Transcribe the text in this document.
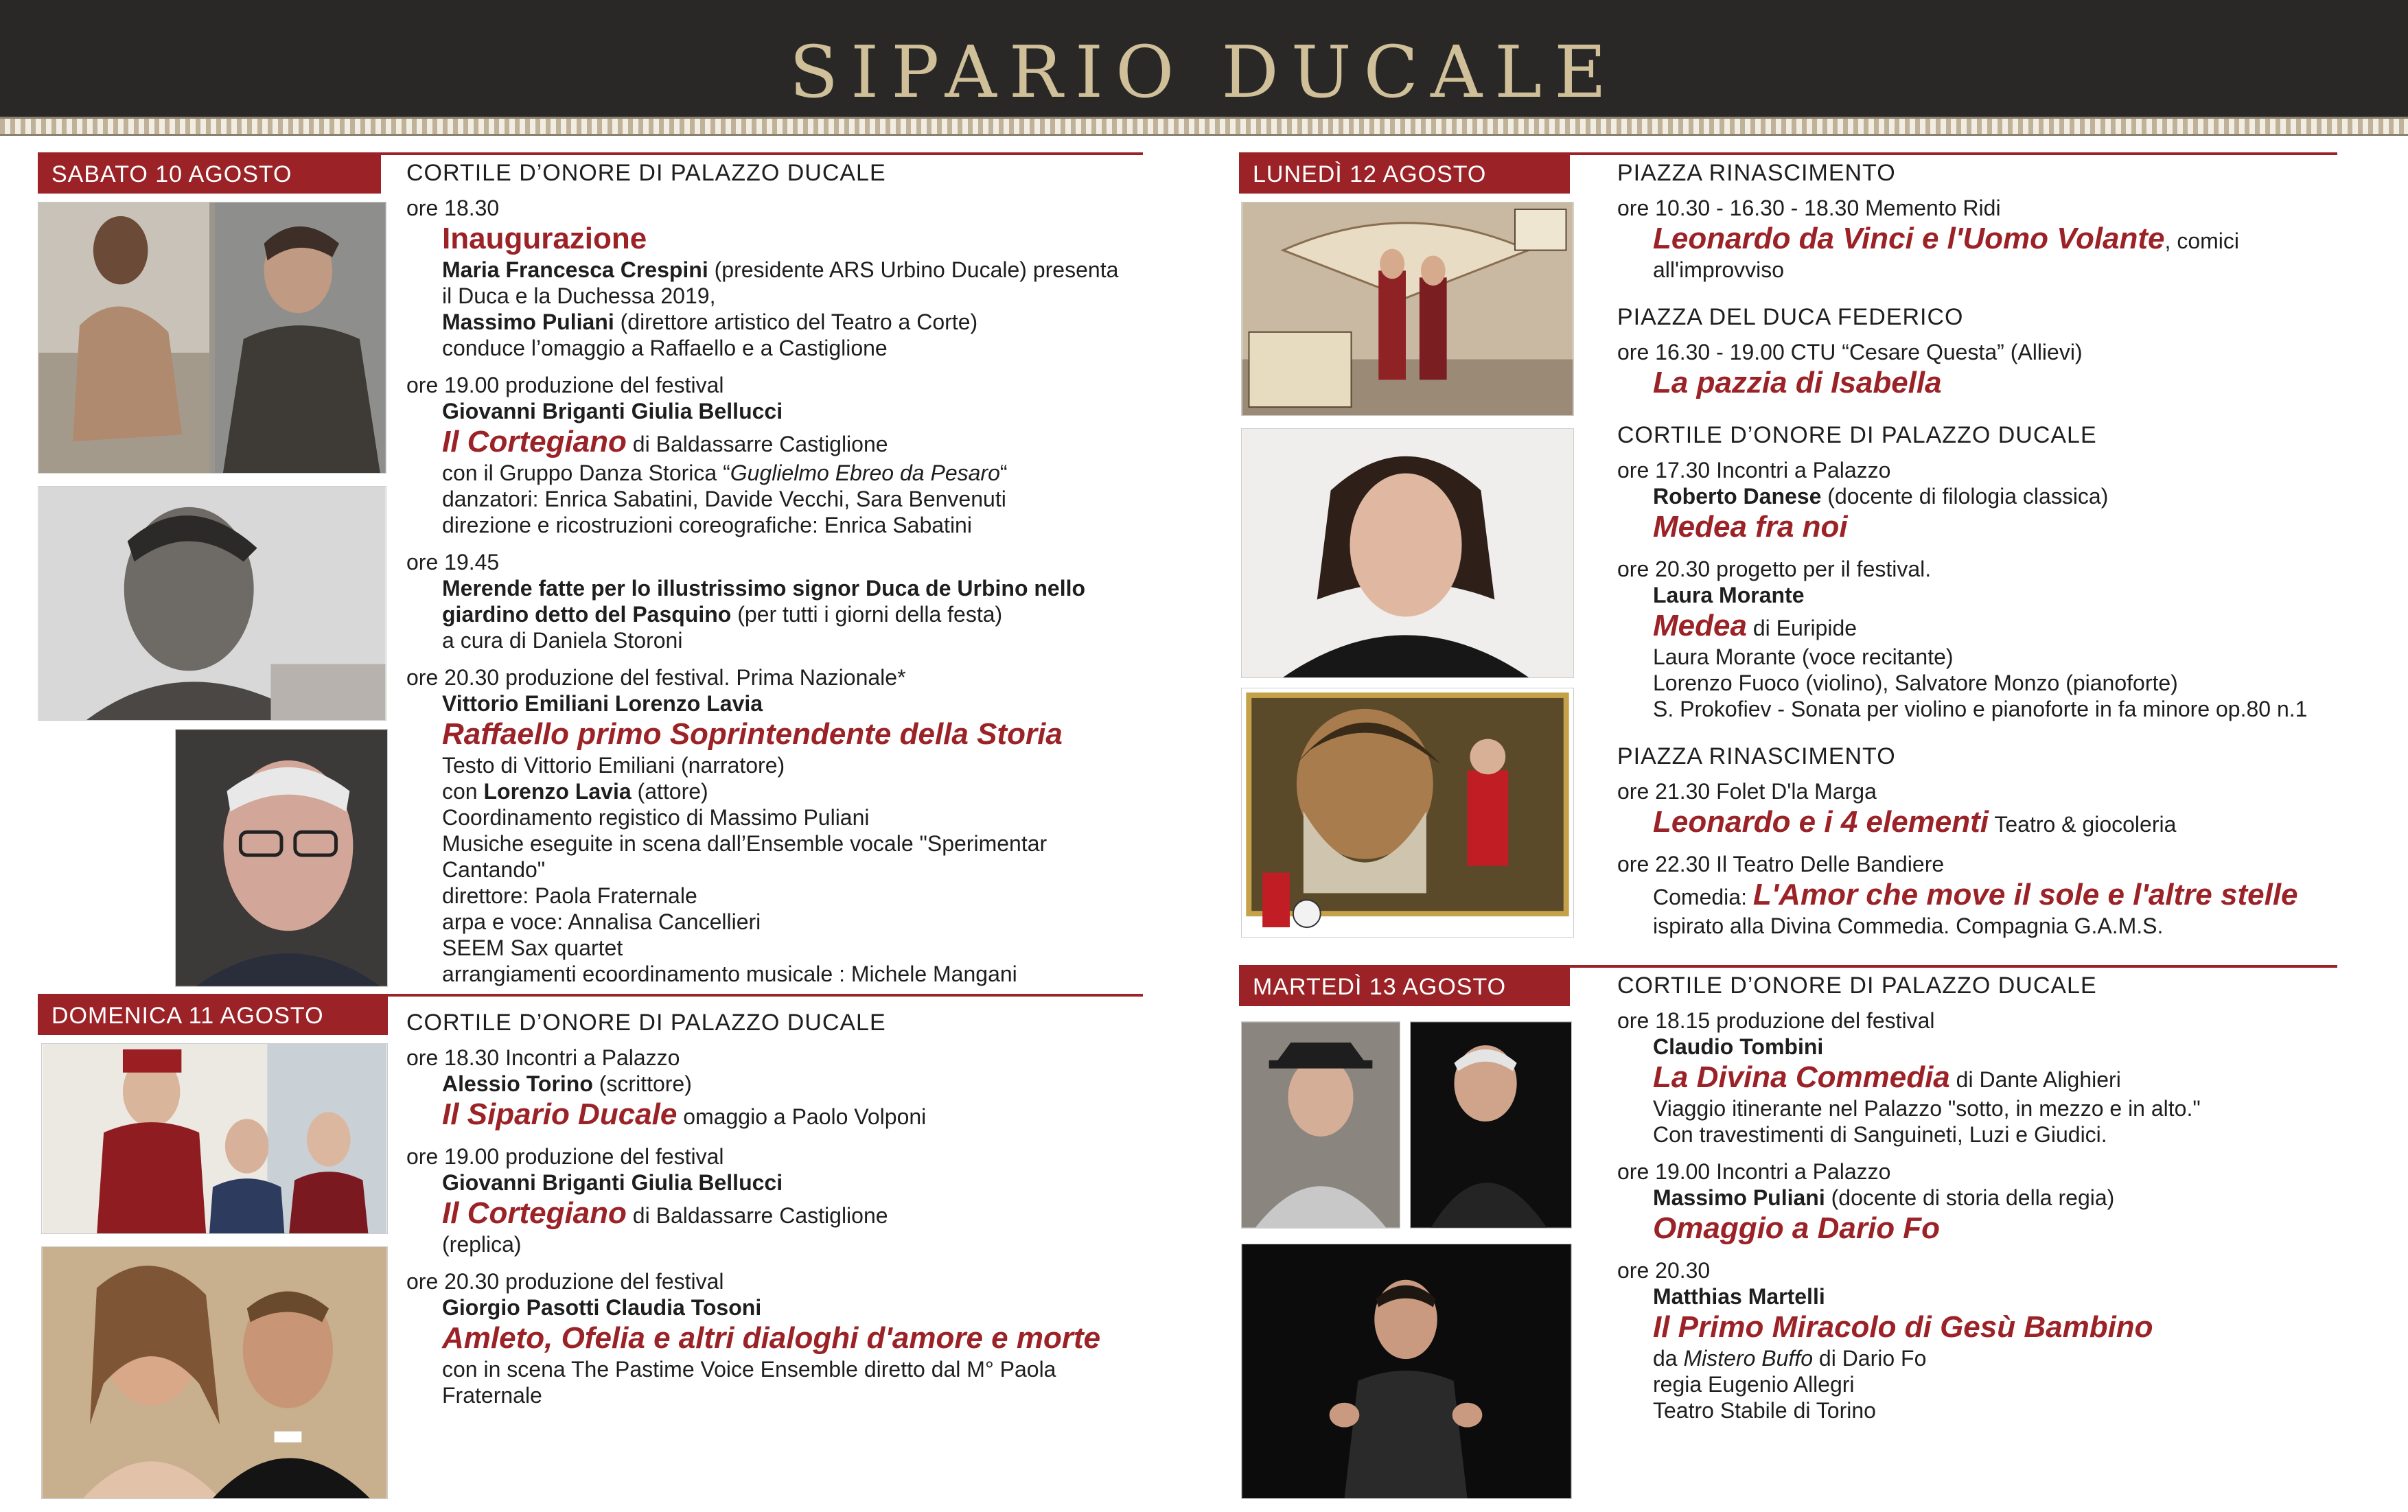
SIPARIO DUCALE
SABATO 10 AGOSTO	CORTILE D’ONORE DI PALAZZO DUCALE
ore 18.30
Inaugurazione
Maria Francesca Crespini (presidente ARS Urbino Ducale) presenta
il Duca e la Duchessa 2019,
Massimo Puliani (direttore artistico del Teatro a Corte)
conduce l’omaggio a Raffaello e a Castiglione
ore 19.00 produzione del festival
Giovanni Briganti Giulia Bellucci
Il Cortegiano di Baldassarre Castiglione
con il Gruppo Danza Storica “Guglielmo Ebreo da Pesaro“
danzatori: Enrica Sabatini, Davide Vecchi, Sara Benvenuti
direzione e ricostruzioni coreografiche: Enrica Sabatini
ore 19.45
Merende fatte per lo illustrissimo signor Duca de Urbino nello
giardino detto del Pasquino (per tutti i giorni della festa)
a cura di Daniela Storoni
ore 20.30 produzione del festival. Prima Nazionale*
Vittorio Emiliani Lorenzo Lavia
Raffaello primo Soprintendente della Storia
Testo di Vittorio Emiliani (narratore)
con Lorenzo Lavia (attore)
Coordinamento registico di Massimo Puliani
Musiche eseguite in scena dall’Ensemble vocale "Sperimentar Cantando"
direttore: Paola Fraternale
arpa e voce: Annalisa Cancellieri
SEEM Sax quartet
arrangiamenti ecoordinamento musicale : Michele Mangani
DOMENICA 11 AGOSTO	CORTILE D’ONORE DI PALAZZO DUCALE
ore 18.30 Incontri a Palazzo
Alessio Torino (scrittore)
Il Sipario Ducale omaggio a Paolo Volponi
ore 19.00 produzione del festival
Giovanni Briganti Giulia Bellucci
Il Cortegiano di Baldassarre Castiglione
(replica)
ore 20.30 produzione del festival
Giorgio Pasotti Claudia Tosoni
Amleto, Ofelia e altri dialoghi d'amore e morte
con in scena The Pastime Voice Ensemble diretto dal M° Paola
Fraternale
LUNEDÌ 12 AGOSTO	PIAZZA RINASCIMENTO
ore 10.30 - 16.30 - 18.30 Memento Ridi
Leonardo da Vinci e l'Uomo Volante, comici
all'improvviso
PIAZZA DEL DUCA FEDERICO
ore 16.30 - 19.00 CTU “Cesare Questa” (Allievi)
La pazzia di Isabella
CORTILE D’ONORE DI PALAZZO DUCALE
ore 17.30 Incontri a Palazzo
Roberto Danese (docente di filologia classica)
Medea fra noi
ore 20.30 progetto per il festival.
Laura Morante
Medea di Euripide
Laura Morante (voce recitante)
Lorenzo Fuoco (violino), Salvatore Monzo (pianoforte)
S. Prokofiev - Sonata per violino e pianoforte in fa minore op.80 n.1
PIAZZA RINASCIMENTO
ore 21.30 Folet D'la Marga
Leonardo e i 4 elementi Teatro & giocoleria
ore 22.30 Il Teatro Delle Bandiere
Comedia: L'Amor che move il sole e l'altre stelle
ispirato alla Divina Commedia. Compagnia G.A.M.S.
MARTEDÌ 13 AGOSTO	CORTILE D’ONORE DI PALAZZO DUCALE
ore 18.15 produzione del festival
Claudio Tombini
La Divina Commedia di Dante Alighieri
Viaggio itinerante nel Palazzo "sotto, in mezzo e in alto."
Con travestimenti di Sanguineti, Luzi e Giudici.
ore 19.00 Incontri a Palazzo
Massimo Puliani (docente di storia della regia)
Omaggio a Dario Fo
ore 20.30
Matthias Martelli
Il Primo Miracolo di Gesù Bambino
da Mistero Buffo di Dario Fo
regia Eugenio Allegri
Teatro Stabile di Torino
